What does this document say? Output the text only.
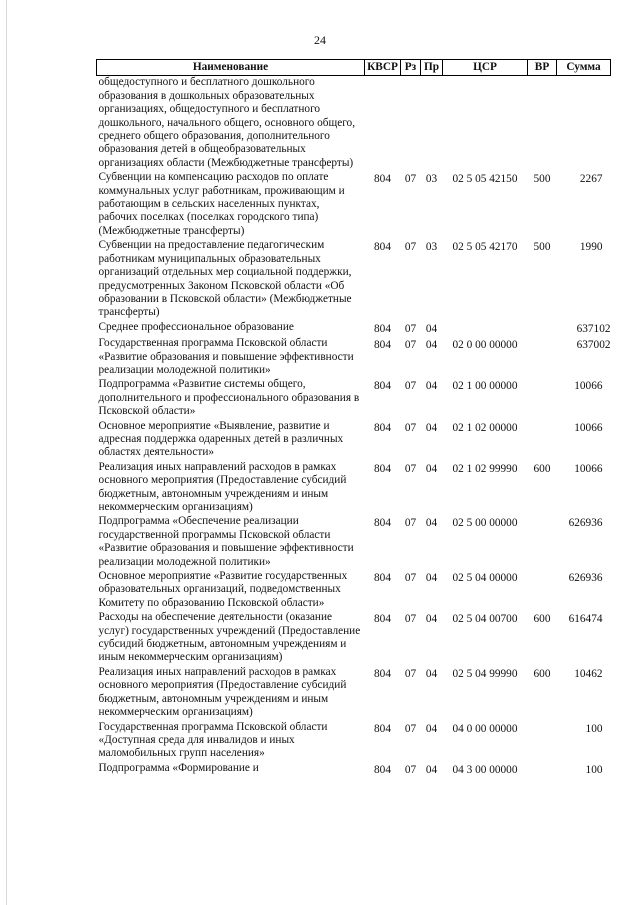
24
Наименование	КВСР	Рз	Пр	ЦСР	ВР	Сумма
общедоступного и бесплатного дошкольного образования в дошкольных образовательных организациях, общедоступного и бесплатного дошкольного, начального общего, основного общего, среднего общего образования, дополнительного образования детей в общеобразовательных организациях области (Межбюджетные трансферты)						
Субвенции на компенсацию расходов по оплате коммунальных услуг работникам, проживающим и работающим в сельских населенных пунктах, рабочих поселках (поселках городского типа) (Межбюджетные трансферты)	804	07	03	02 5 05 42150	500	2267
Субвенции на предоставление педагогическим работникам муниципальных образовательных организаций отдельных мер социальной поддержки, предусмотренных Законом Псковской области «Об образовании в Псковской области» (Межбюджетные трансферты)	804	07	03	02 5 05 42170	500	1990
Среднее профессиональное образование	804	07	04			637102
Государственная программа Псковской области «Развитие образования и повышение эффективности реализации молодежной политики»	804	07	04	02 0 00 00000		637002
Подпрограмма «Развитие системы общего, дополнительного и профессионального образования в Псковской области»	804	07	04	02 1 00 00000		10066
Основное мероприятие «Выявление, развитие и адресная поддержка одаренных детей в различных областях деятельности»	804	07	04	02 1 02 00000		10066
Реализация иных направлений расходов в рамках основного мероприятия (Предоставление субсидий бюджетным, автономным учреждениям и иным некоммерческим организациям)	804	07	04	02 1 02 99990	600	10066
Подпрограмма «Обеспечение реализации государственной программы Псковской области «Развитие образования и повышение эффективности реализации молодежной политики»	804	07	04	02 5 00 00000		626936
Основное мероприятие «Развитие государственных образовательных организаций, подведомственных Комитету по образованию Псковской области»	804	07	04	02 5 04 00000		626936
Расходы на обеспечение деятельности (оказание услуг) государственных учреждений (Предоставление субсидий бюджетным, автономным учреждениям и иным некоммерческим организациям)	804	07	04	02 5 04 00700	600	616474
Реализация иных направлений расходов в рамках основного мероприятия (Предоставление субсидий бюджетным, автономным учреждениям и иным некоммерческим организациям)	804	07	04	02 5 04 99990	600	10462
Государственная программа Псковской области «Доступная среда для инвалидов и иных маломобильных групп населения»	804	07	04	04 0 00 00000		100
Подпрограмма «Формирование и	804	07	04	04 3 00 00000		100
